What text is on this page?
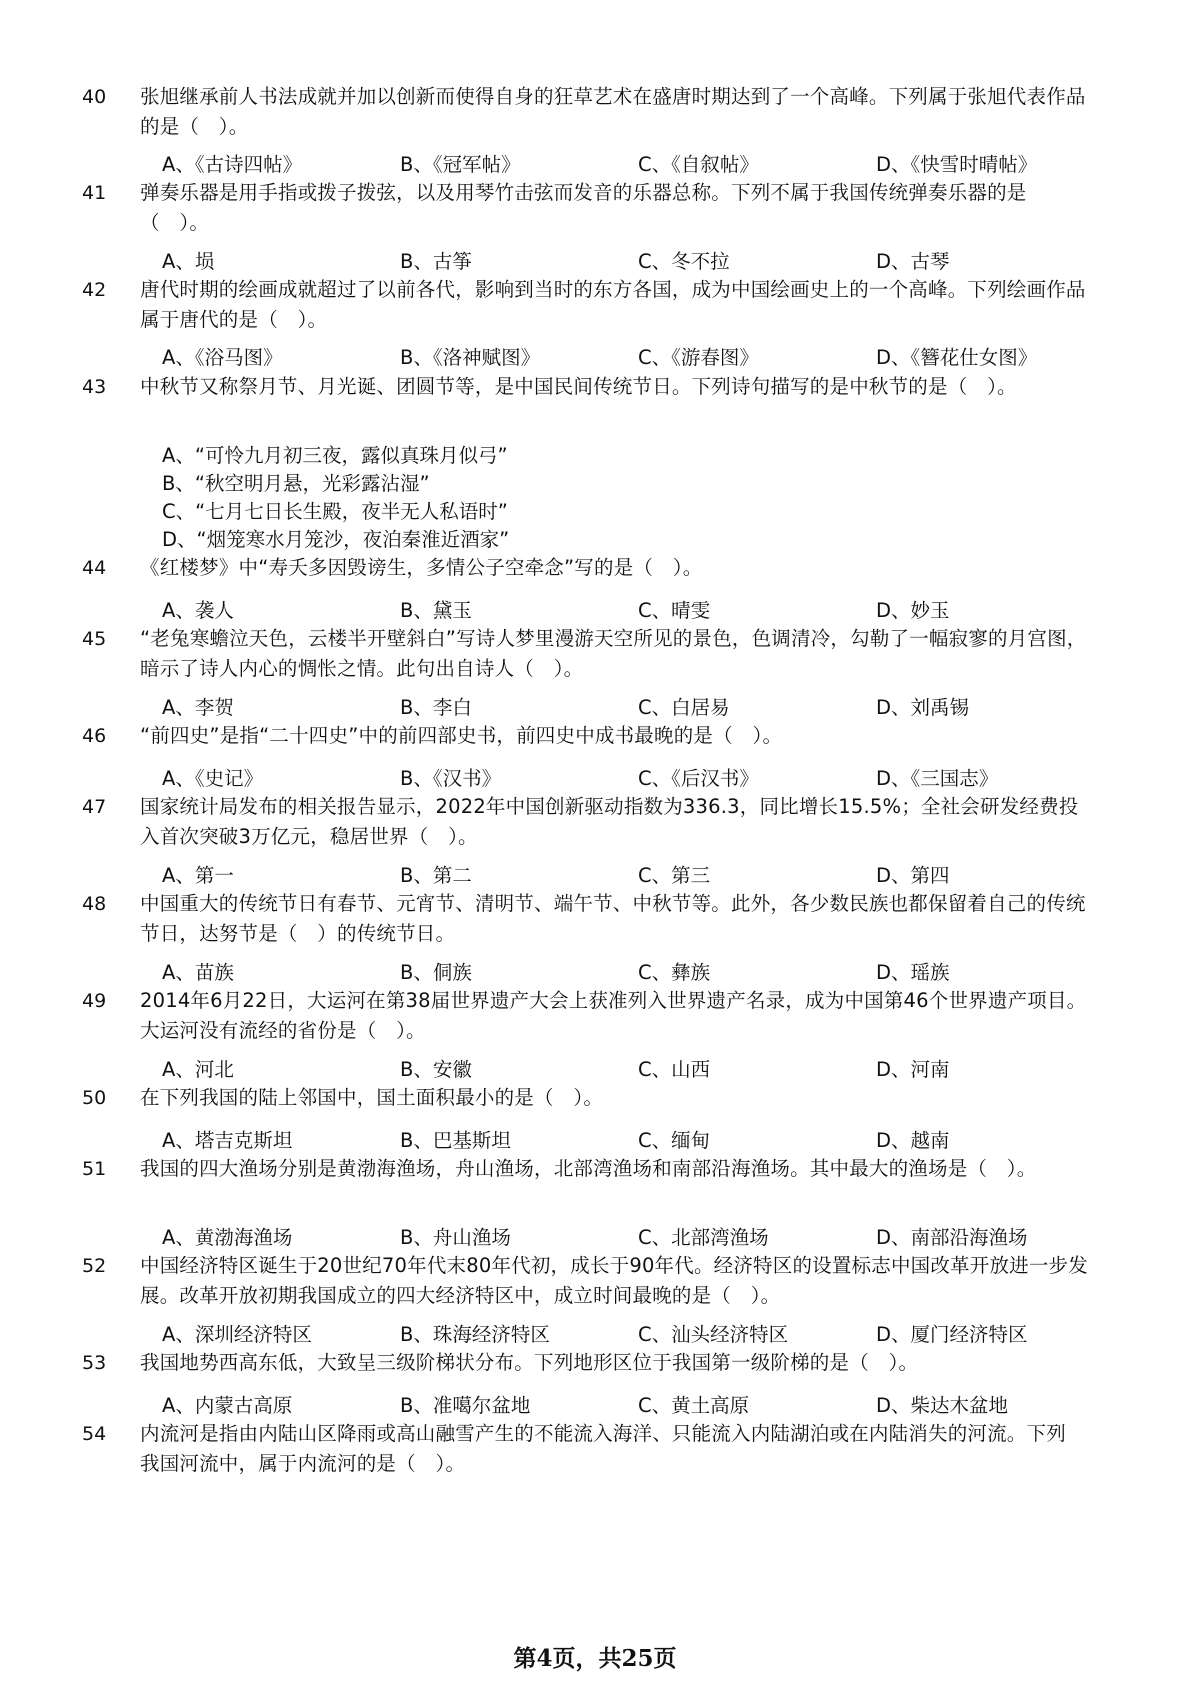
40 张旭继承前人书法成就并加以创新而使得自身的狂草艺术在盛唐时期达到了一个高峰。下列属于张旭代表作品的是（　）。
A、《古诗四帖》	B、《冠军帖》	C、《自叙帖》	D、《快雪时晴帖》
41 弹奏乐器是用手指或拨子拨弦，以及用琴竹击弦而发音的乐器总称。下列不属于我国传统弹奏乐器的是（　）。
A、埙	B、古筝	C、冬不拉	D、古琴
42 唐代时期的绘画成就超过了以前各代，影响到当时的东方各国，成为中国绘画史上的一个高峰。下列绘画作品属于唐代的是（　）。
A、《浴马图》	B、《洛神赋图》	C、《游春图》	D、《簪花仕女图》
43 中秋节又称祭月节、月光诞、团圆节等，是中国民间传统节日。下列诗句描写的是中秋节的是（　）。
A、“可怜九月初三夜，露似真珠月似弓”
B、“秋空明月悬，光彩露沾湿”
C、“七月七日长生殿，夜半无人私语时”
D、“烟笼寒水月笼沙，夜泊秦淮近酒家”
44 《红楼梦》中“寿夭多因毁谤生，多情公子空牵念”写的是（　）。
A、袭人	B、黛玉	C、晴雯	D、妙玉
45 “老兔寒蟾泣天色，云楼半开壁斜白”写诗人梦里漫游天空所见的景色，色调清冷，勾勒了一幅寂寥的月宫图，暗示了诗人内心的惆怅之情。此句出自诗人（　）。
A、李贺	B、李白	C、白居易	D、刘禹锡
46 “前四史”是指“二十四史”中的前四部史书，前四史中成书最晚的是（　）。
A、《史记》	B、《汉书》	C、《后汉书》	D、《三国志》
47 国家统计局发布的相关报告显示，2022年中国创新驱动指数为336.3，同比增长15.5%；全社会研发经费投入首次突破3万亿元，稳居世界（　）。
A、第一	B、第二	C、第三	D、第四
48 中国重大的传统节日有春节、元宵节、清明节、端午节、中秋节等。此外，各少数民族也都保留着自己的传统节日，达努节是（　）的传统节日。
A、苗族	B、侗族	C、彝族	D、瑶族
49 2014年6月22日，大运河在第38届世界遗产大会上获准列入世界遗产名录，成为中国第46个世界遗产项目。大运河没有流经的省份是（　）。
A、河北	B、安徽	C、山西	D、河南
50 在下列我国的陆上邻国中，国土面积最小的是（　）。
A、塔吉克斯坦	B、巴基斯坦	C、缅甸	D、越南
51 我国的四大渔场分别是黄渤海渔场，舟山渔场，北部湾渔场和南部沿海渔场。其中最大的渔场是（　）。
A、黄渤海渔场	B、舟山渔场	C、北部湾渔场	D、南部沿海渔场
52 中国经济特区诞生于20世纪70年代末80年代初，成长于90年代。经济特区的设置标志中国改革开放进一步发展。改革开放初期我国成立的四大经济特区中，成立时间最晚的是（　）。
A、深圳经济特区	B、珠海经济特区	C、汕头经济特区	D、厦门经济特区
53 我国地势西高东低，大致呈三级阶梯状分布。下列地形区位于我国第一级阶梯的是（　）。
A、内蒙古高原	B、准噶尔盆地	C、黄土高原	D、柴达木盆地
54 内流河是指由内陆山区降雨或高山融雪产生的不能流入海洋、只能流入内陆湖泊或在内陆消失的河流。下列我国河流中，属于内流河的是（　）。
第4页，共25页
